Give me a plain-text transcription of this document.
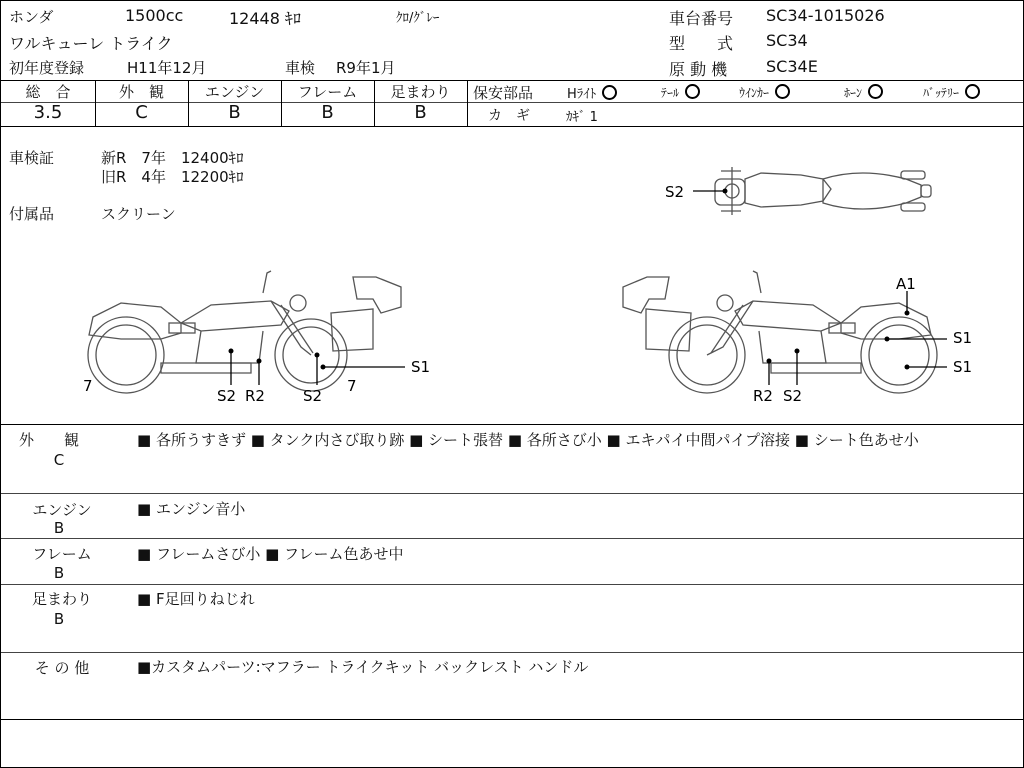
ホンダ	1500cc	12448 ｷﾛ	ｸﾛ/ｸﾞﾚｰ
ワルキューレ トライク
初年度登録	H11年12月	車検 R9年1月
車台番号 SC34-1015026
型　　式 SC34
原 動 機 SC34E
総　合	外　観	エンジン	フレーム	足まわり
3.5	C	B	B	B
保安部品	Hﾗｲﾄ	ﾃｰﾙ	ｳｲﾝｶｰ	ﾎｰﾝ	ﾊﾞｯﾃﾘｰ
カ　ギ	ｶｷﾞ 1
車検証	新R　7年　12400ｷﾛ
旧R　4年　12200ｷﾛ
付属品	スクリーン
S2
7
S2 R2	S2
7
S1
A1
S1
S1
R2 S2
外　　観
C
■ 各所うすきず ■ タンク内さび取り跡 ■ シート張替 ■ 各所さび小 ■ エキパイ中間パイプ溶接 ■ シート色あせ小
エンジン
B
■ エンジン音小
フレーム
B
■ フレームさび小 ■ フレーム色あせ中
足まわり
B
■ F足回りねじれ
そ の 他	■カスタムパーツ:マフラー トライクキット バックレスト ハンドル
